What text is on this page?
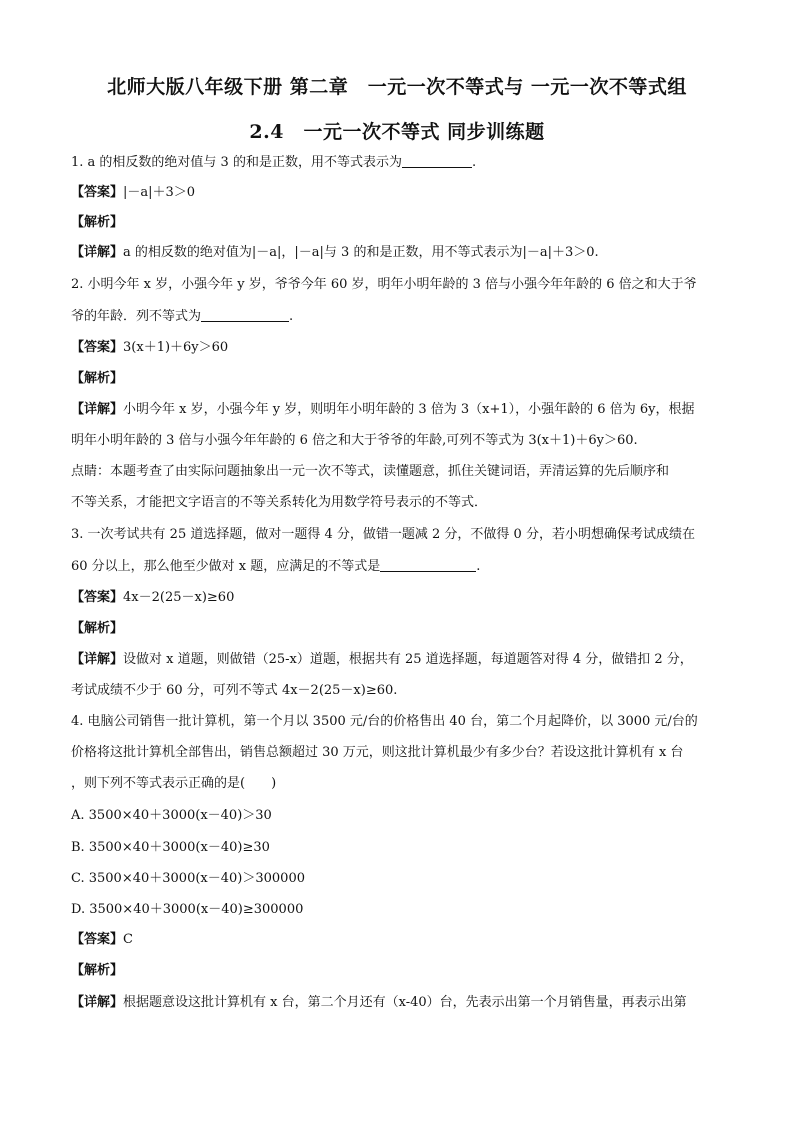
北师大版八年级下册 第二章　一元一次不等式与 一元一次不等式组
2.4　一元一次不等式 同步训练题
1. a 的相反数的绝对值与 3 的和是正数，用不等式表示为	.
【答案】|－a|＋3＞0
【解析】
【详解】a 的相反数的绝对值为|－a|，|－a|与 3 的和是正数，用不等式表示为|－a|＋3＞0.
2. 小明今年 x 岁，小强今年 y 岁，爷爷今年 60 岁，明年小明年龄的 3 倍与小强今年年龄的 6 倍之和大于爷
爷的年龄．列不等式为	.
【答案】3(x＋1)＋6y＞60
【解析】
【详解】小明今年 x 岁，小强今年 y 岁，则明年小明年龄的 3 倍为 3（x+1），小强年龄的 6 倍为 6y，根据
明年小明年龄的 3 倍与小强今年年龄的 6 倍之和大于爷爷的年龄,可列不等式为 3(x＋1)＋6y＞60.
点睛：本题考查了由实际问题抽象出一元一次不等式，读懂题意，抓住关键词语，弄清运算的先后顺序和
不等关系，才能把文字语言的不等关系转化为用数学符号表示的不等式．
3. 一次考试共有 25 道选择题，做对一题得 4 分，做错一题减 2 分，不做得 0 分，若小明想确保考试成绩在
60 分以上，那么他至少做对 x 题，应满足的不等式是	.
【答案】4x－2(25－x)≥60
【解析】
【详解】设做对 x 道题，则做错（25-x）道题，根据共有 25 道选择题，每道题答对得 4 分，做错扣 2 分，
考试成绩不少于 60 分，可列不等式 4x－2(25－x)≥60.
4. 电脑公司销售一批计算机，第一个月以 3500 元/台的价格售出 40 台，第二个月起降价，以 3000 元/台的
价格将这批计算机全部售出，销售总额超过 30 万元，则这批计算机最少有多少台？若设这批计算机有 x 台
，则下列不等式表示正确的是(　　)
A. 3500×40＋3000(x－40)＞30
B. 3500×40＋3000(x－40)≥30
C. 3500×40＋3000(x－40)＞300000
D. 3500×40＋3000(x－40)≥300000
【答案】C
【解析】
【详解】根据题意设这批计算机有 x 台，第二个月还有（x-40）台，先表示出第一个月销售量，再表示出第
